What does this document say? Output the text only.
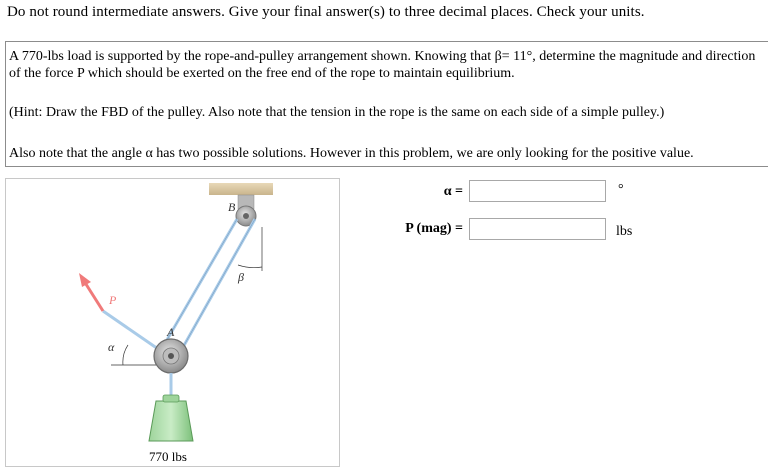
Do not round intermediate answers. Give your final answer(s) to three decimal places. Check your units.
A 770-lbs load is supported by the rope-and-pulley arrangement shown. Knowing that β= 11°, determine the magnitude and direction of the force P which should be exerted on the free end of the rope to maintain equilibrium.
(Hint: Draw the FBD of the pulley. Also note that the tension in the rope is the same on each side of a simple pulley.)
Also note that the angle α has two possible solutions. However in this problem, we are only looking for the positive value.
B
A
P
α
β
770 lbs
α =	°
P (mag) =	lbs
